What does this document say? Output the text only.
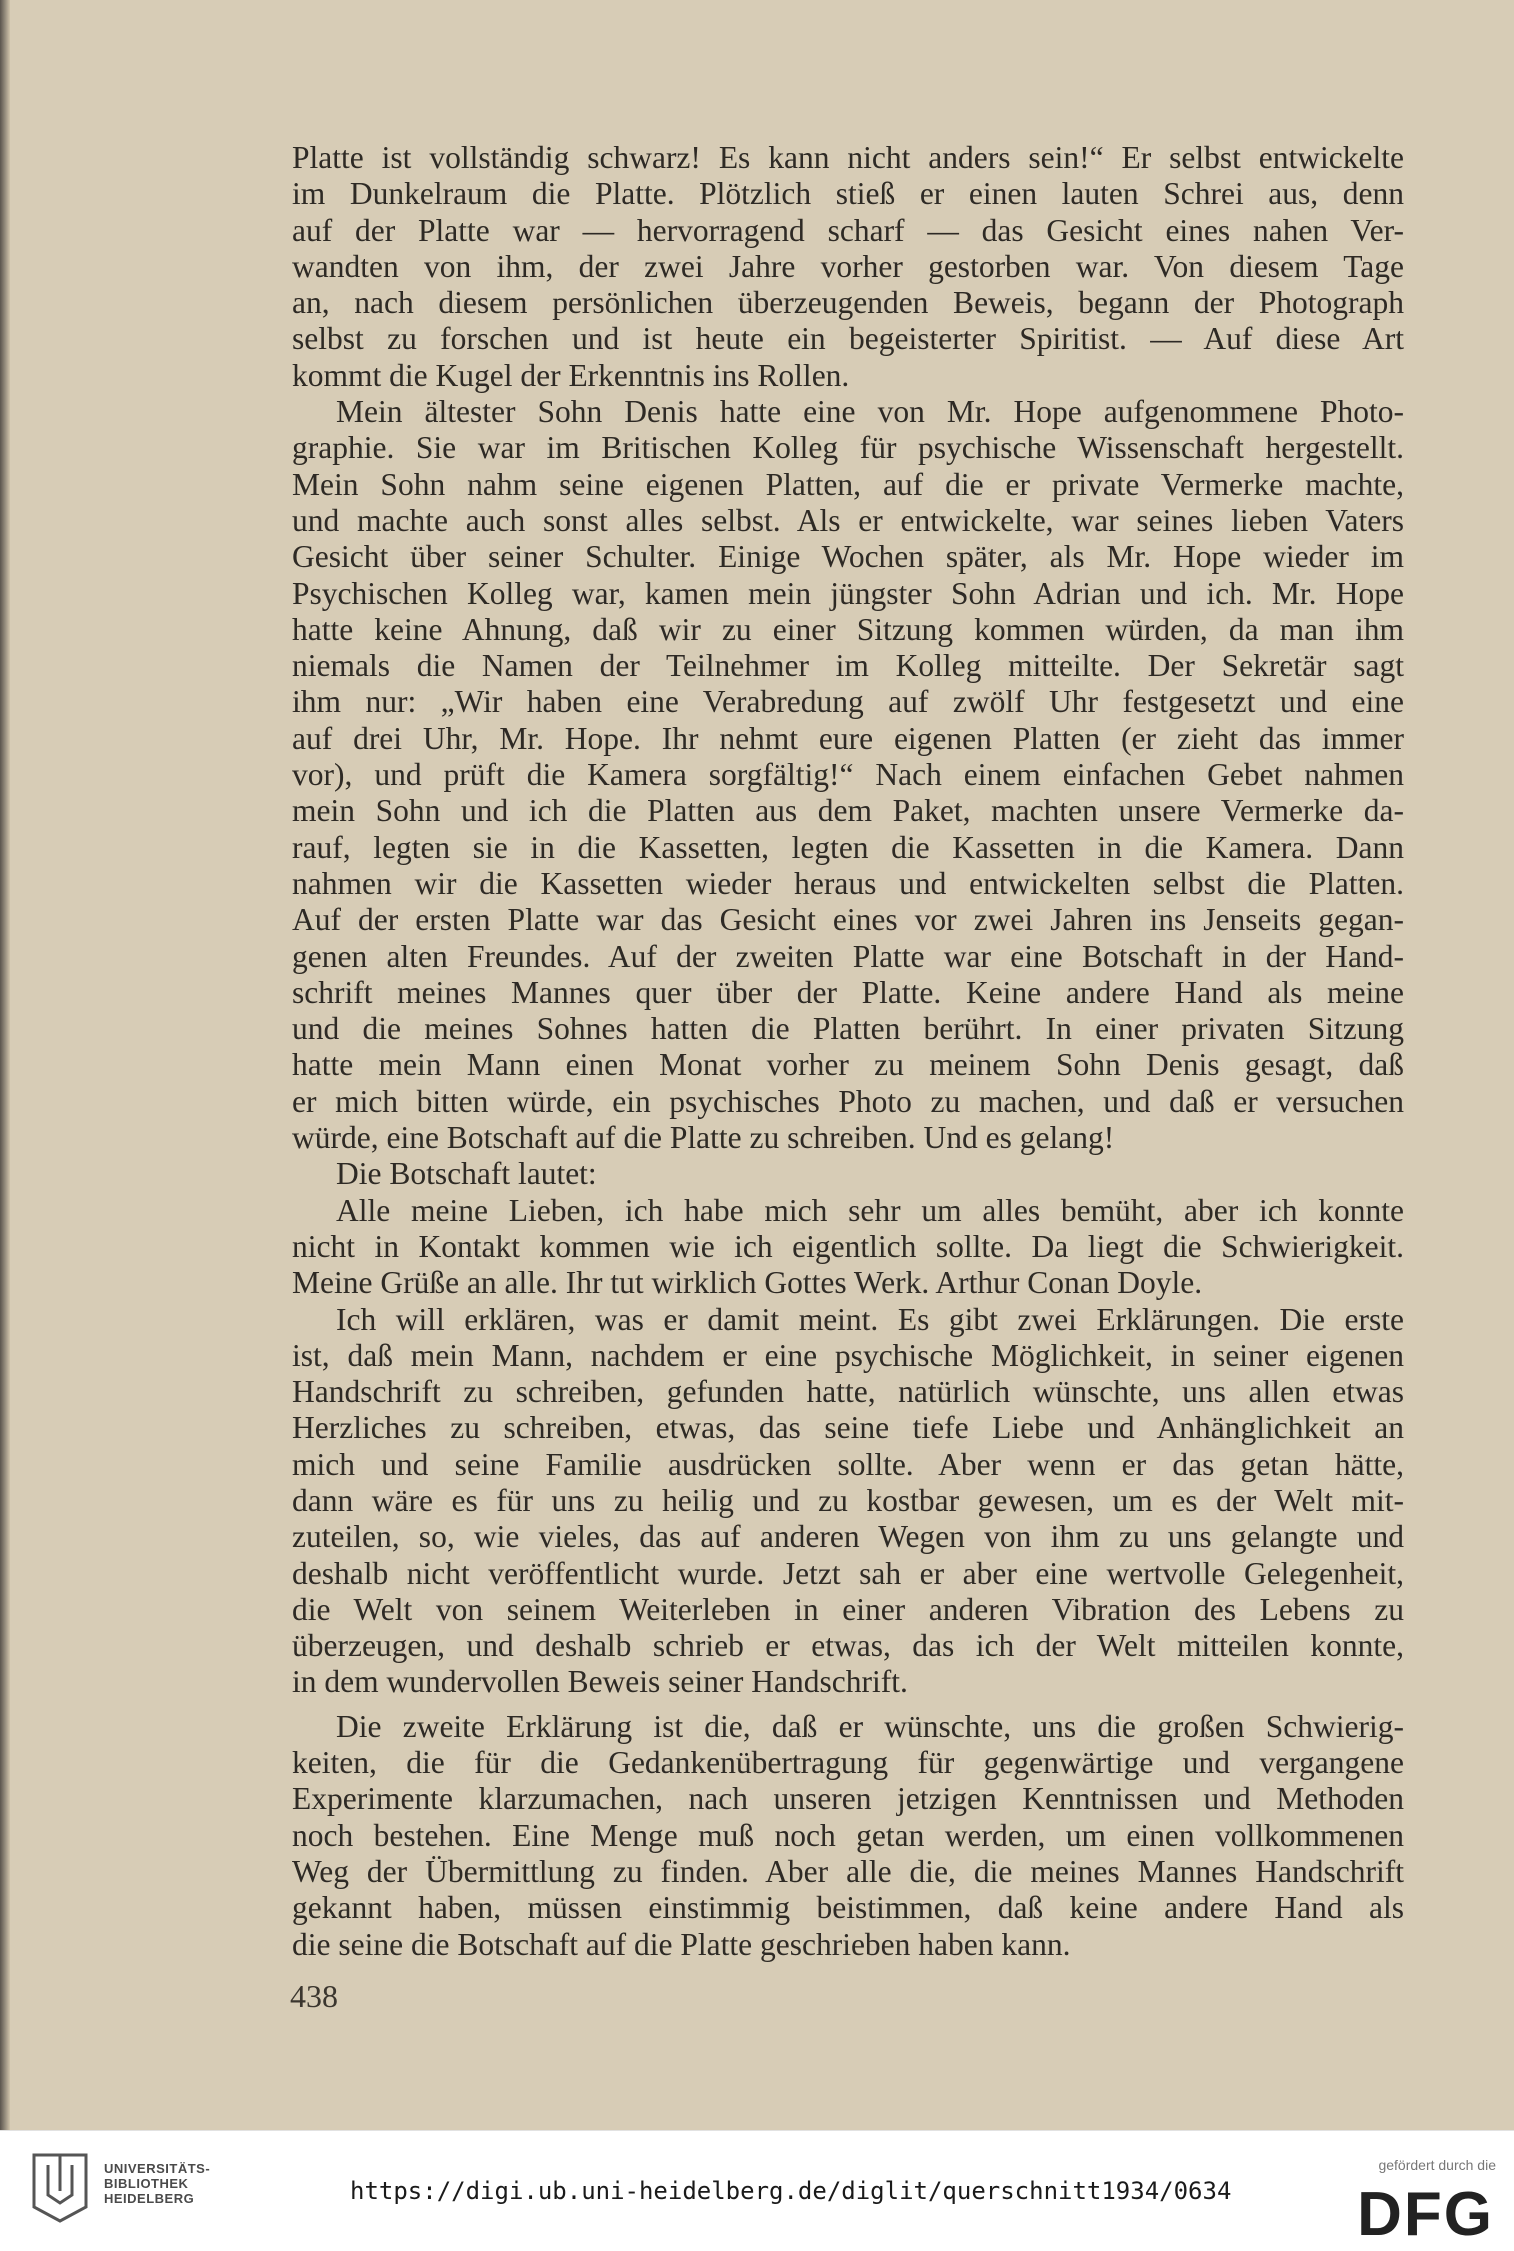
Platte ist vollständig schwarz! Es kann nicht anders sein!“ Er selbst entwickelte
im Dunkelraum die Platte. Plötzlich stieß er einen lauten Schrei aus, denn
auf der Platte war — hervorragend scharf — das Gesicht eines nahen Ver-
wandten von ihm, der zwei Jahre vorher gestorben war. Von diesem Tage
an, nach diesem persönlichen überzeugenden Beweis, begann der Photograph
selbst zu forschen und ist heute ein begeisterter Spiritist. — Auf diese Art
kommt die Kugel der Erkenntnis ins Rollen.
Mein ältester Sohn Denis hatte eine von Mr. Hope aufgenommene Photo-
graphie. Sie war im Britischen Kolleg für psychische Wissenschaft hergestellt.
Mein Sohn nahm seine eigenen Platten, auf die er private Vermerke machte,
und machte auch sonst alles selbst. Als er entwickelte, war seines lieben Vaters
Gesicht über seiner Schulter. Einige Wochen später, als Mr. Hope wieder im
Psychischen Kolleg war, kamen mein jüngster Sohn Adrian und ich. Mr. Hope
hatte keine Ahnung, daß wir zu einer Sitzung kommen würden, da man ihm
niemals die Namen der Teilnehmer im Kolleg mitteilte. Der Sekretär sagt
ihm nur: „Wir haben eine Verabredung auf zwölf Uhr festgesetzt und eine
auf drei Uhr, Mr. Hope. Ihr nehmt eure eigenen Platten (er zieht das immer
vor), und prüft die Kamera sorgfältig!“ Nach einem einfachen Gebet nahmen
mein Sohn und ich die Platten aus dem Paket, machten unsere Vermerke da-
rauf, legten sie in die Kassetten, legten die Kassetten in die Kamera. Dann
nahmen wir die Kassetten wieder heraus und entwickelten selbst die Platten.
Auf der ersten Platte war das Gesicht eines vor zwei Jahren ins Jenseits gegan-
genen alten Freundes. Auf der zweiten Platte war eine Botschaft in der Hand-
schrift meines Mannes quer über der Platte. Keine andere Hand als meine
und die meines Sohnes hatten die Platten berührt. In einer privaten Sitzung
hatte mein Mann einen Monat vorher zu meinem Sohn Denis gesagt, daß
er mich bitten würde, ein psychisches Photo zu machen, und daß er versuchen
würde, eine Botschaft auf die Platte zu schreiben. Und es gelang!
Die Botschaft lautet:
Alle meine Lieben, ich habe mich sehr um alles bemüht, aber ich konnte
nicht in Kontakt kommen wie ich eigentlich sollte. Da liegt die Schwierigkeit.
Meine Grüße an alle. Ihr tut wirklich Gottes Werk. Arthur Conan Doyle.
Ich will erklären, was er damit meint. Es gibt zwei Erklärungen. Die erste
ist, daß mein Mann, nachdem er eine psychische Möglichkeit, in seiner eigenen
Handschrift zu schreiben, gefunden hatte, natürlich wünschte, uns allen etwas
Herzliches zu schreiben, etwas, das seine tiefe Liebe und Anhänglichkeit an
mich und seine Familie ausdrücken sollte. Aber wenn er das getan hätte,
dann wäre es für uns zu heilig und zu kostbar gewesen, um es der Welt mit-
zuteilen, so, wie vieles, das auf anderen Wegen von ihm zu uns gelangte und
deshalb nicht veröffentlicht wurde. Jetzt sah er aber eine wertvolle Gelegenheit,
die Welt von seinem Weiterleben in einer anderen Vibration des Lebens zu
überzeugen, und deshalb schrieb er etwas, das ich der Welt mitteilen konnte,
in dem wundervollen Beweis seiner Handschrift.
Die zweite Erklärung ist die, daß er wünschte, uns die großen Schwierig-
keiten, die für die Gedankenübertragung für gegenwärtige und vergangene
Experimente klarzumachen, nach unseren jetzigen Kenntnissen und Methoden
noch bestehen. Eine Menge muß noch getan werden, um einen vollkommenen
Weg der Übermittlung zu finden. Aber alle die, die meines Mannes Handschrift
gekannt haben, müssen einstimmig beistimmen, daß keine andere Hand als
die seine die Botschaft auf die Platte geschrieben haben kann.
438
UNIVERSITÄTS-
BIBLIOTHEK
HEIDELBERG	https://digi.ub.uni-heidelberg.de/diglit/querschnitt1934/0634
gefördert durch die
DFG
